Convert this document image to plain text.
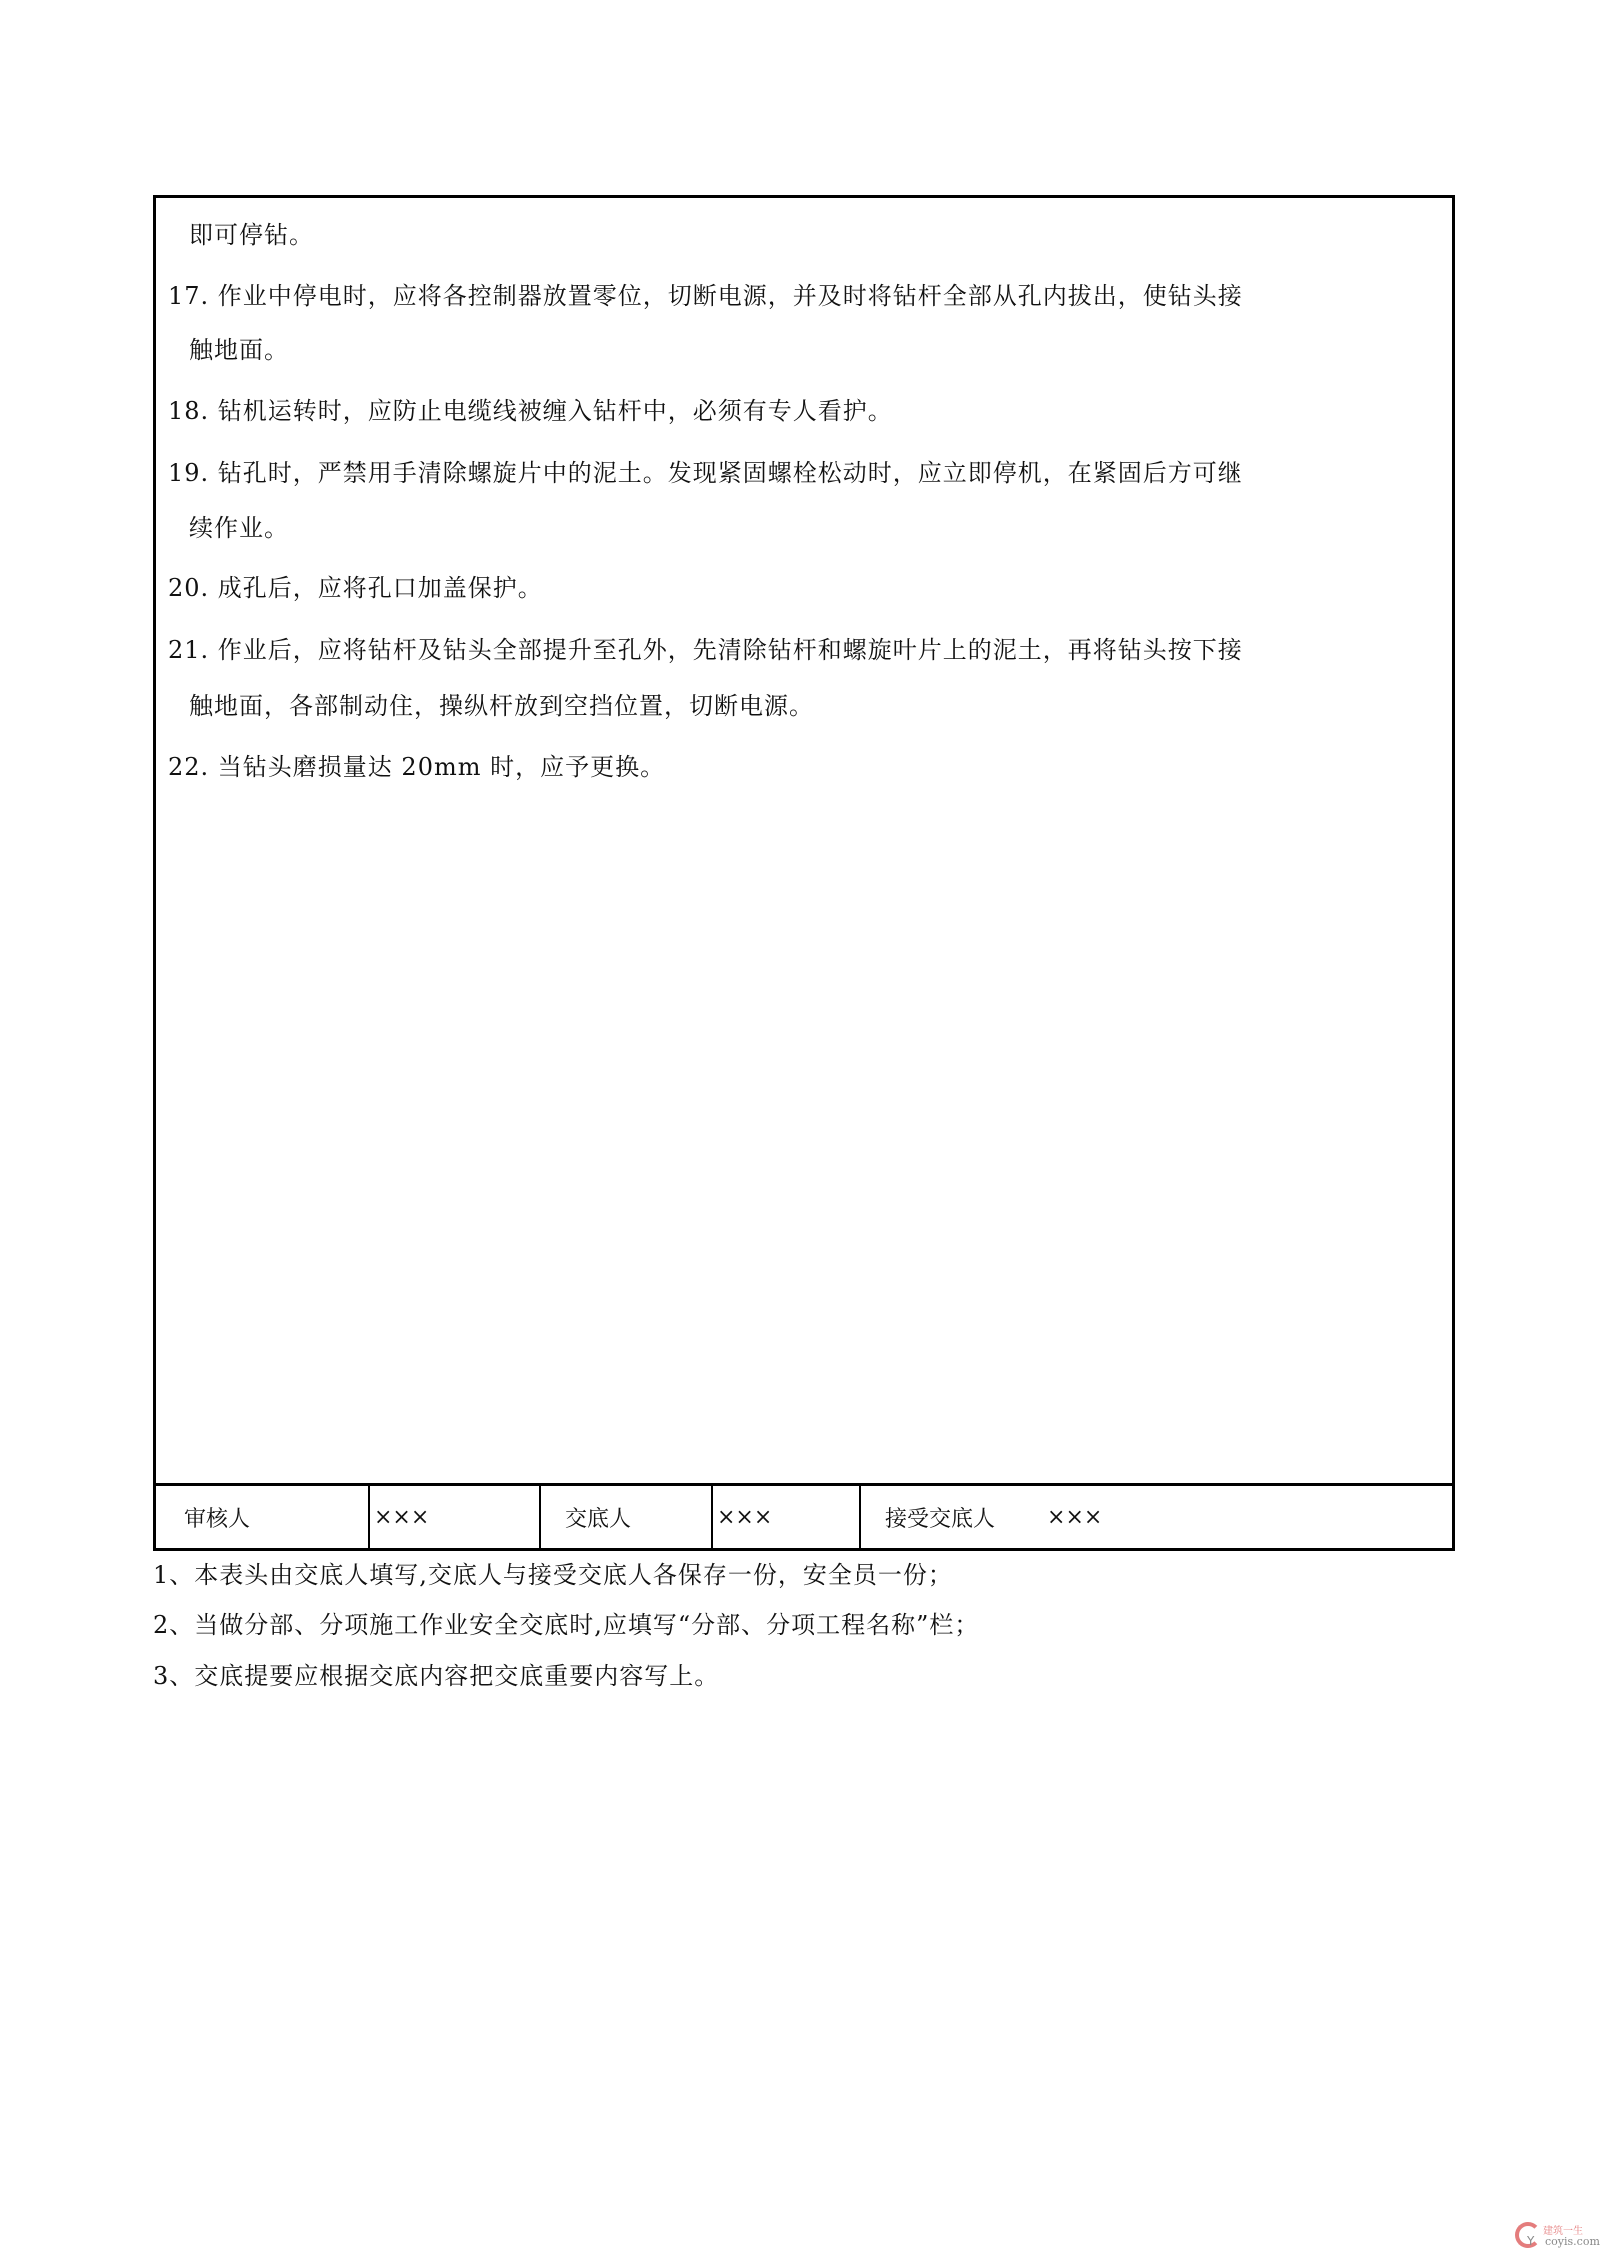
即可停钻。
17. 作业中停电时，应将各控制器放置零位，切断电源，并及时将钻杆全部从孔内拔出，使钻头接
触地面。
18. 钻机运转时，应防止电缆线被缠入钻杆中，必须有专人看护。
19. 钻孔时，严禁用手清除螺旋片中的泥土。发现紧固螺栓松动时，应立即停机，在紧固后方可继
续作业。
20. 成孔后，应将孔口加盖保护。
21. 作业后，应将钻杆及钻头全部提升至孔外，先清除钻杆和螺旋叶片上的泥土，再将钻头按下接
触地面，各部制动住，操纵杆放到空挡位置，切断电源。
22. 当钻头磨损量达 20mm 时，应予更换。
审核人	×××	交底人	×××	接受交底人 ×××
1、本表头由交底人填写,交底人与接受交底人各保存一份，安全员一份；
2、当做分部、分项施工作业安全交底时,应填写“分部、分项工程名称”栏；
3、交底提要应根据交底内容把交底重要内容写上。
Y
建筑一生
coyis.com
